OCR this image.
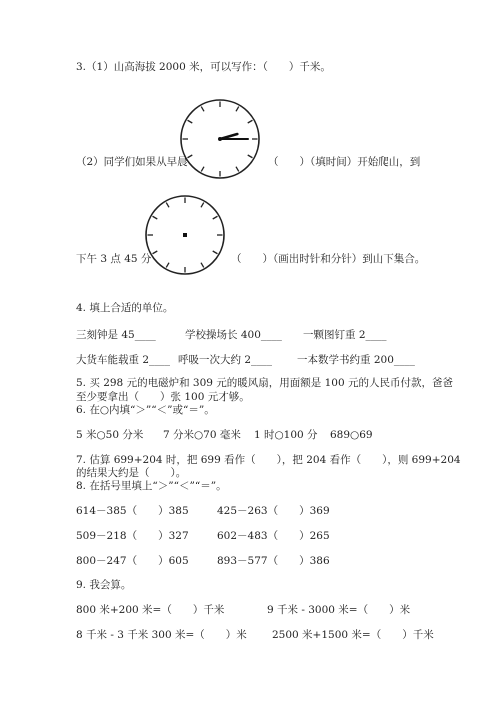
3.（1）山高海拔 2000 米，可以写作：（　　）千米。
（2）同学们如果从早晨	（　　）（填时间）开始爬山，到
下午 3 点 45 分	（　　）（画出时针和分针）到山下集合。
4. 填上合适的单位。
三刻钟是 45____	学校操场长 400____ 一颗图钉重 2____
大货车能载重 2____ 呼吸一次大约 2____ 一本数学书约重 200____
5. 买 298 元的电磁炉和 309 元的暖风扇，用面额是 100 元的人民币付款，爸爸
至少要拿出（　　）张 100 元才够。
6. 在○内填“＞”“＜”或“＝”。
5 米○50 分米 7 分米○70 毫米 1 时○100 分 689○69
7. 估算 699+204 时，把 699 看作（　　），把 204 看作（　　），则 699+204
的结果大约是（　　）。
8. 在括号里填上“＞”“＜”“＝”。
614－385（　　）385	425－263（　　）369
509－218（　　）327	602－483（　　）265
800－247（　　）605	893－577（　　）386
9. 我会算。
800 米+200 米=（　　）千米	9 千米 - 3000 米=（　　）米
8 千米 - 3 千米 300 米=（　　）米 2500 米+1500 米=（　　）千米
